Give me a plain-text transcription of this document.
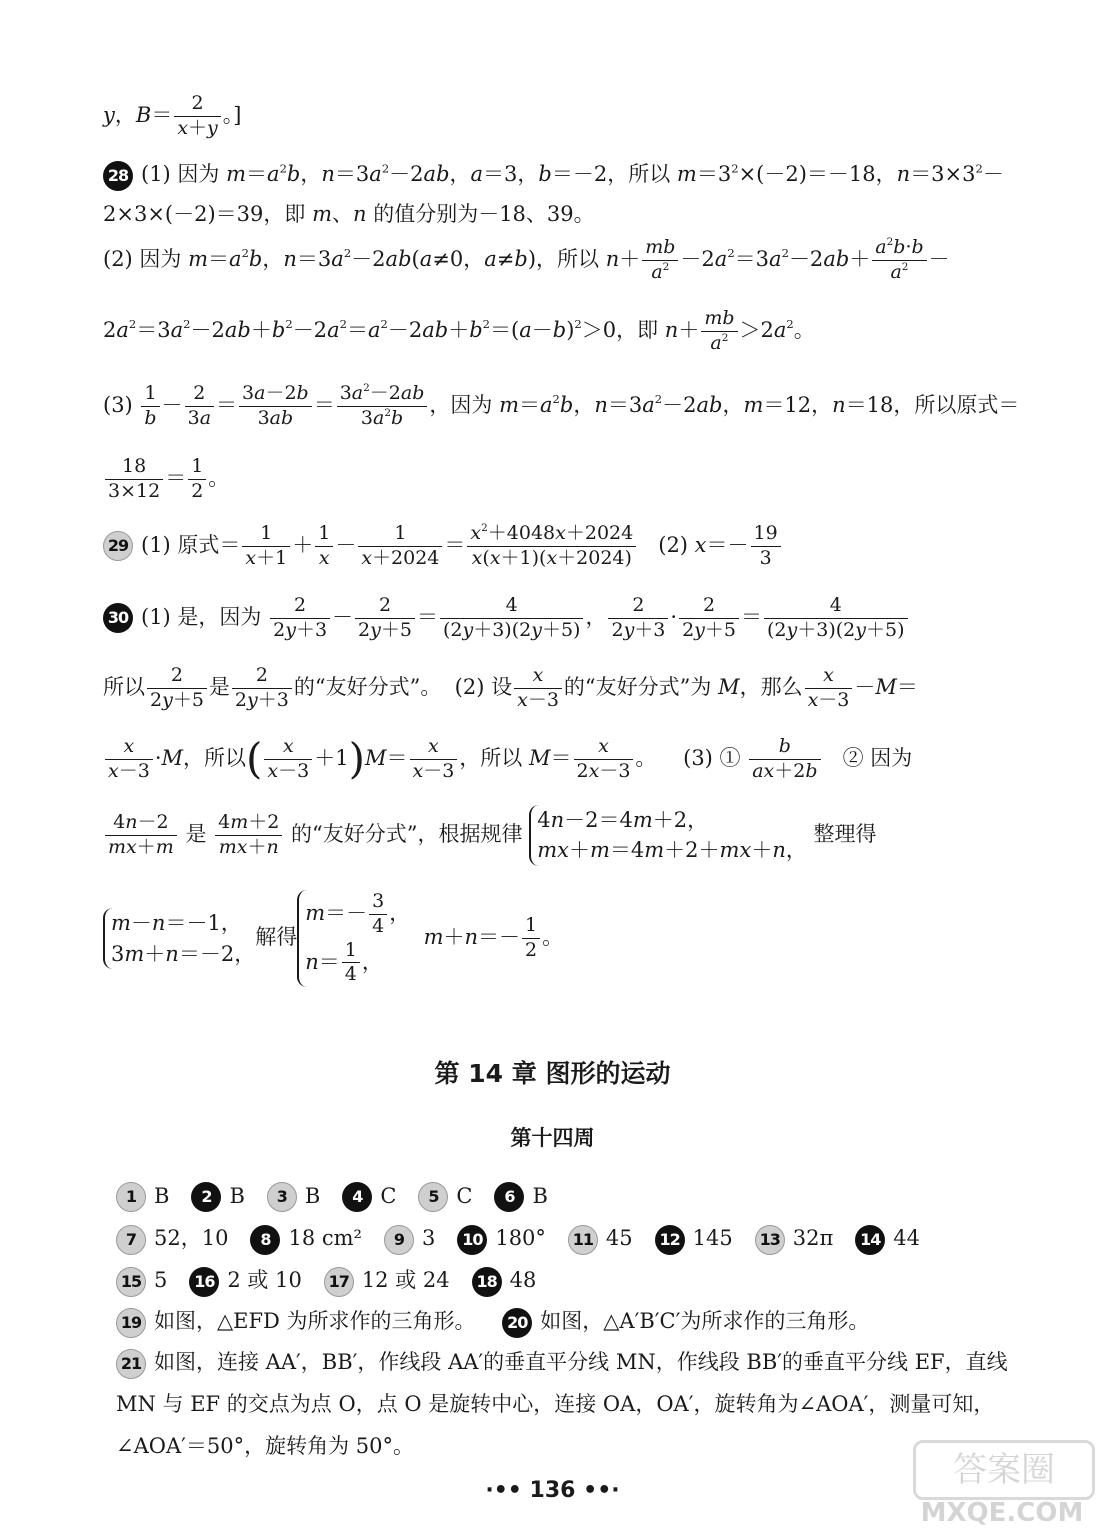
y，$B= \frac{2}{x+y}$ 。]
28 (1) 因为 $m=a^2b$，$n=3a^2-2ab$，a＝3，b＝－2，所以 $m=3^2\times(-2)=-18$，$n=3\times 3^2-$
2×3×(－2)＝39，即 m、n 的值分别为－18、39。
(2) 因为 $m=a^2b$，$n=3a^2-2ab(a\ne 0$，a≠b)，所以 $n+ \frac{mb}{a^2} -2a^2=3a^2-2ab+ \frac{a^2b\cdot b}{a^2}$ －
$2a^2=3a^2-2ab+b^2-2a^2=a^2-2ab+b^2=(a-b)^2>0$，即 $n+ \frac{mb}{a^2} >2a^2$。
$(3) \frac{1}{b} - \frac{2}{3a} = \frac{3a-2b}{3ab} = \frac{3a^2-2ab}{3a^2b}$ ，因为 $m=a^2b$，$n=3a^2-2ab$，m＝12，n＝18，所以原式＝
$\frac{18}{3\times 12} = \frac{1}{2}$ 。
29 (1) 原式＝ $\frac{1}{x+1} + \frac{1}{x} - \frac{1}{x+2024} = \frac{x^2+4048x+2024}{x(x+1)(x+2024)} (2)$ $x=- \frac{19}{3}$
30 (1) 是，因为 $\frac{2}{2y+3} - \frac{2}{2y+5} = \frac{4}{(2y+3)(2y+5)}$ ， $\frac{2}{2y+3} \cdot \frac{2}{2y+5} = \frac{4}{(2y+3)(2y+5)}$
所以 $\frac{2}{2y+5}$ 是 $\frac{2}{2y+3}$ 的“友好分式”。  (2) 设 $\frac{x}{x-3}$ 的“友好分式”为 M，那么 $\frac{x}{x-3} -M=$
$\frac{x}{x-3} \cdot M$，所以( $\frac{x}{x-3} +1)M= \frac{x}{x-3}$ ，所以 $M= \frac{x}{2x-3}$ 。    (3) ① $\frac{b}{ax+2b}$ ② 因为
$\frac{4n-2}{mx+m}$ 是 $\frac{4m+2}{mx+n}$ 的“友好分式”，根据规律 4n－2＝4m＋2，
mx＋m＝4m＋2＋mx＋n， 整理得
m－n＝－1，
3m＋n＝－2，解得$m=- \frac{3}{4}$ ，
$n= \frac{1}{4}$ ，  $m+n=- \frac{1}{2}$ 。
第 14 章 图形的运动
第十四周
1 B 2 B 3 B 4 C 5 C 6 B
7 52，10 8 18 cm² 9 3 10 180° 11 45 12 145 13 32π 14 44
15 5 16 2 或 10 17 12 或 24 18 48
19 如图，△EFD 为所求作的三角形。 20 如图，△A′B′C′为所求作的三角形。
21 如图，连接 AA′，BB′，作线段 AA′的垂直平分线 MN，作线段 BB′的垂直平分线 EF，直线
MN 与 EF 的交点为点 O，点 O 是旋转中心，连接 OA，OA′，旋转角为∠AOA′，测量可知，
∠AOA′＝50°，旋转角为 50°。
·•• 136 ••·
答案圈
MXQE.COM
